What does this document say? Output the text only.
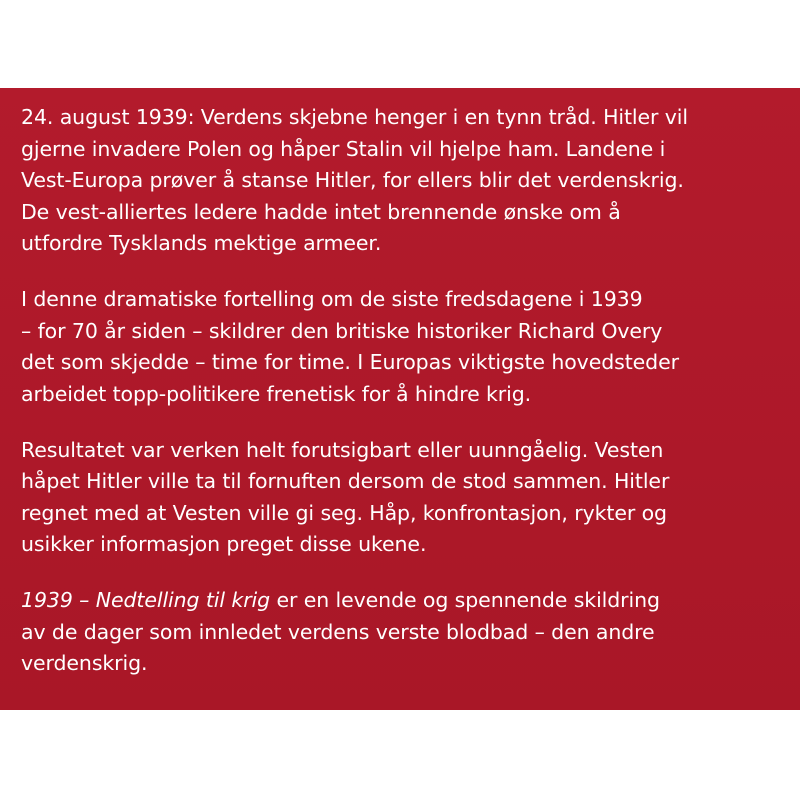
24. august 1939: Verdens skjebne henger i en tynn tråd. Hitler vil
gjerne invadere Polen og håper Stalin vil hjelpe ham. Landene i
Vest-Europa prøver å stanse Hitler, for ellers blir det verdenskrig.
De vest-alliertes ledere hadde intet brennende ønske om å
utfordre Tysklands mektige armeer.

I denne dramatiske fortelling om de siste fredsdagene i 1939
– for 70 år siden – skildrer den britiske historiker Richard Overy
det som skjedde – time for time. I Europas viktigste hovedsteder
arbeidet topp-politikere frenetisk for å hindre krig.

Resultatet var verken helt forutsigbart eller uunngåelig. Vesten
håpet Hitler ville ta til fornuften dersom de stod sammen. Hitler
regnet med at Vesten ville gi seg. Håp, konfrontasjon, rykter og
usikker informasjon preget disse ukene.

1939 – Nedtelling til krig er en levende og spennende skildring
av de dager som innledet verdens verste blodbad – den andre
verdenskrig.
